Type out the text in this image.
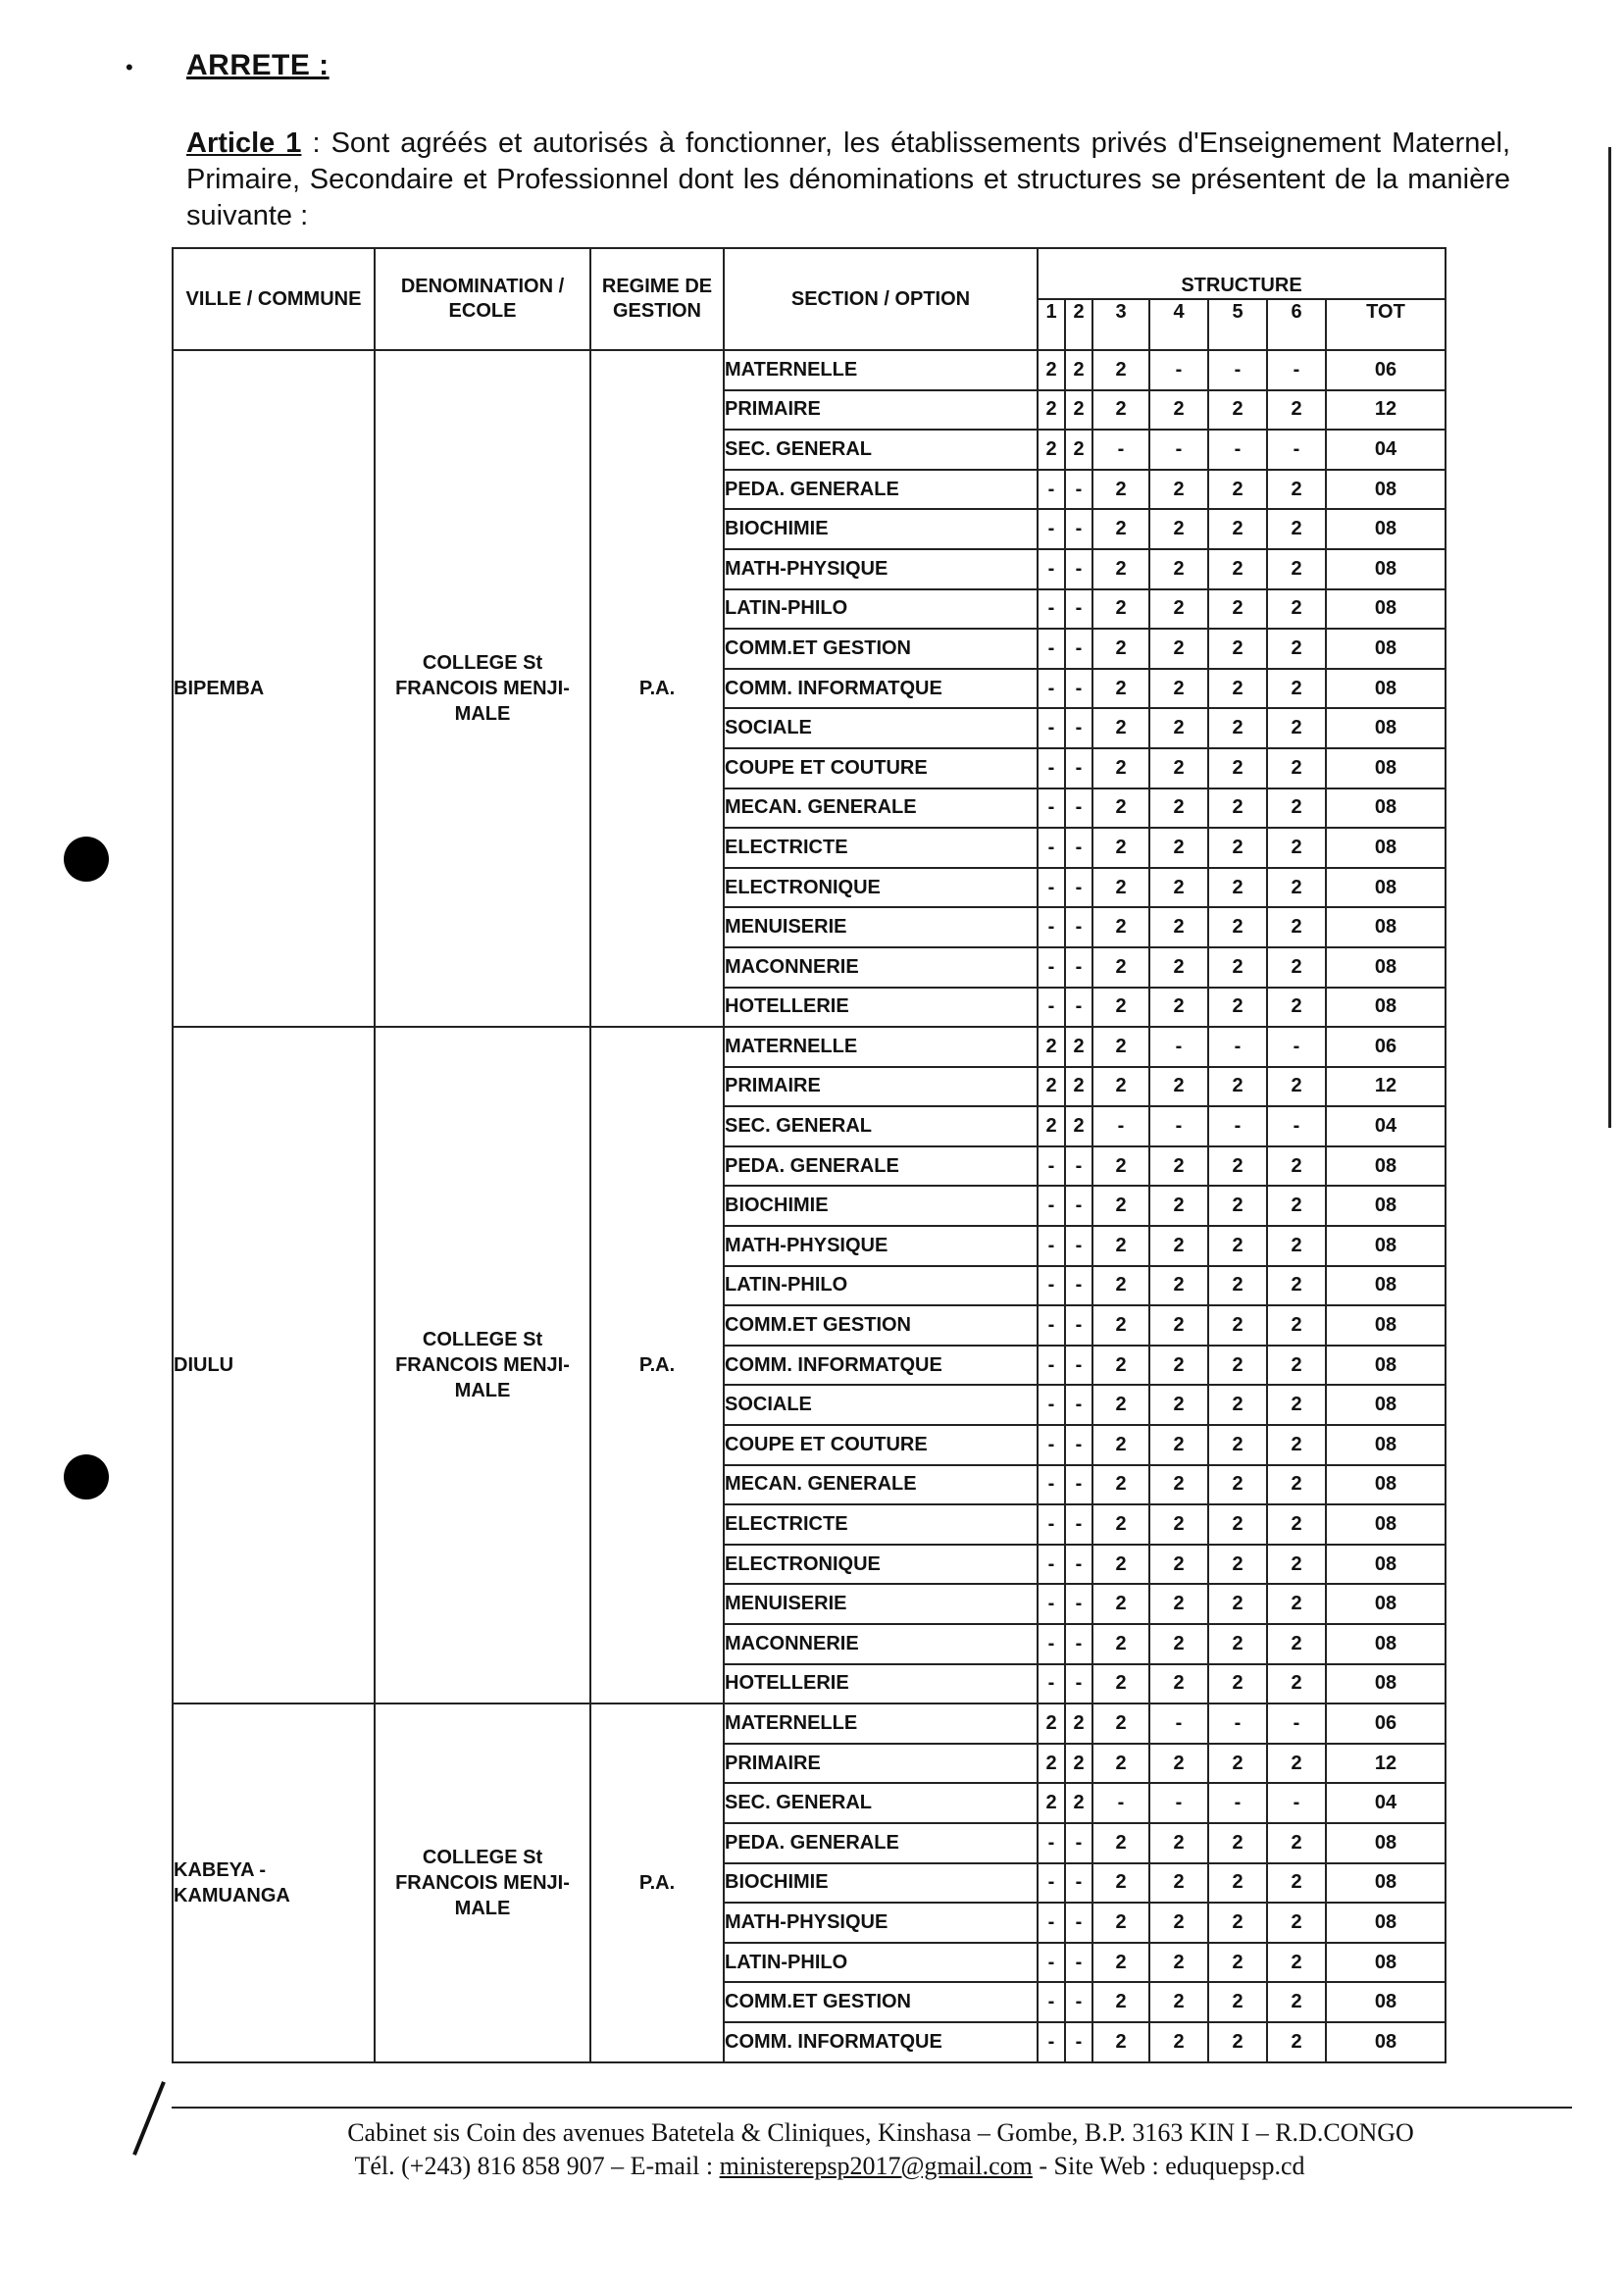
• ARRETE :
Article 1 : Sont agréés et autorisés à fonctionner, les établissements privés d'Enseignement Maternel, Primaire, Secondaire et Professionnel dont les dénominations et structures se présentent de la manière suivante :
VILLE / COMMUNE	DENOMINATION / ECOLE	REGIME DE GESTION	SECTION / OPTION	STRUCTURE						
				1	2	3	4	5	6	TOT
BIPEMBA	COLLEGE St FRANCOIS MENJI-MALE	P.A.	MATERNELLE	2	2	2	-	-	-	06
			PRIMAIRE	2	2	2	2	2	2	12
			SEC. GENERAL	2	2	-	-	-	-	04
			PEDA. GENERALE	-	-	2	2	2	2	08
			BIOCHIMIE	-	-	2	2	2	2	08
			MATH-PHYSIQUE	-	-	2	2	2	2	08
			LATIN-PHILO	-	-	2	2	2	2	08
			COMM.ET GESTION	-	-	2	2	2	2	08
			COMM. INFORMATQUE	-	-	2	2	2	2	08
			SOCIALE	-	-	2	2	2	2	08
			COUPE ET COUTURE	-	-	2	2	2	2	08
			MECAN. GENERALE	-	-	2	2	2	2	08
			ELECTRICTE	-	-	2	2	2	2	08
			ELECTRONIQUE	-	-	2	2	2	2	08
			MENUISERIE	-	-	2	2	2	2	08
			MACONNERIE	-	-	2	2	2	2	08
			HOTELLERIE	-	-	2	2	2	2	08
DIULU	COLLEGE St FRANCOIS MENJI-MALE	P.A.	MATERNELLE	2	2	2	-	-	-	06
			PRIMAIRE	2	2	2	2	2	2	12
			SEC. GENERAL	2	2	-	-	-	-	04
			PEDA. GENERALE	-	-	2	2	2	2	08
			BIOCHIMIE	-	-	2	2	2	2	08
			MATH-PHYSIQUE	-	-	2	2	2	2	08
			LATIN-PHILO	-	-	2	2	2	2	08
			COMM.ET GESTION	-	-	2	2	2	2	08
			COMM. INFORMATQUE	-	-	2	2	2	2	08
			SOCIALE	-	-	2	2	2	2	08
			COUPE ET COUTURE	-	-	2	2	2	2	08
			MECAN. GENERALE	-	-	2	2	2	2	08
			ELECTRICTE	-	-	2	2	2	2	08
			ELECTRONIQUE	-	-	2	2	2	2	08
			MENUISERIE	-	-	2	2	2	2	08
			MACONNERIE	-	-	2	2	2	2	08
			HOTELLERIE	-	-	2	2	2	2	08
KABEYA - KAMUANGA	COLLEGE St FRANCOIS MENJI-MALE	P.A.	MATERNELLE	2	2	2	-	-	-	06
			PRIMAIRE	2	2	2	2	2	2	12
			SEC. GENERAL	2	2	-	-	-	-	04
			PEDA. GENERALE	-	-	2	2	2	2	08
			BIOCHIMIE	-	-	2	2	2	2	08
			MATH-PHYSIQUE	-	-	2	2	2	2	08
			LATIN-PHILO	-	-	2	2	2	2	08
			COMM.ET GESTION	-	-	2	2	2	2	08
			COMM. INFORMATQUE	-	-	2	2	2	2	08
Cabinet sis Coin des avenues Batetela & Cliniques, Kinshasa – Gombe, B.P. 3163 KIN I – R.D.CONGO
Tél. (+243) 816 858 907 – E-mail : ministerepsp2017@gmail.com - Site Web : eduquepsp.cd
